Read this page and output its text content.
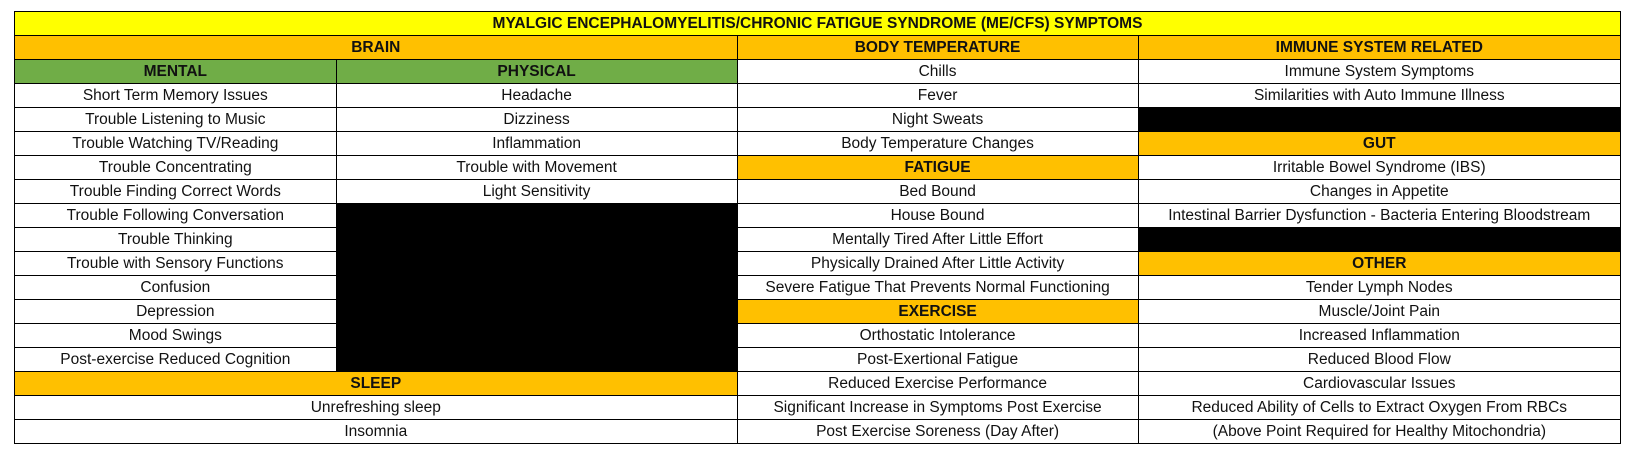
MYALGIC ENCEPHALOMYELITIS/CHRONIC FATIGUE SYNDROME (ME/CFS) SYMPTOMS			
BRAIN		BODY TEMPERATURE	IMMUNE SYSTEM RELATED
MENTAL	PHYSICAL	Chills	Immune System Symptoms
Short Term Memory Issues	Headache	Fever	Similarities with Auto Immune Illness
Trouble Listening to Music	Dizziness	Night Sweats	
Trouble Watching TV/Reading	Inflammation	Body Temperature Changes	GUT
Trouble Concentrating	Trouble with Movement	FATIGUE	Irritable Bowel Syndrome (IBS)
Trouble Finding Correct Words	Light Sensitivity	Bed Bound	Changes in Appetite
Trouble Following Conversation		House Bound	Intestinal Barrier Dysfunction - Bacteria Entering Bloodstream
Trouble Thinking		Mentally Tired After Little Effort	
Trouble with Sensory Functions		Physically Drained After Little Activity	OTHER
Confusion		Severe Fatigue That Prevents Normal Functioning	Tender Lymph Nodes
Depression		EXERCISE	Muscle/Joint Pain
Mood Swings		Orthostatic Intolerance	Increased Inflammation
Post-exercise Reduced Cognition		Post-Exertional Fatigue	Reduced Blood Flow
SLEEP		Reduced Exercise Performance	Cardiovascular Issues
Unrefreshing sleep		Significant Increase in Symptoms Post Exercise	Reduced Ability of Cells to Extract Oxygen From RBCs
Insomnia		Post Exercise Soreness (Day After)	(Above Point Required for Healthy Mitochondria)
